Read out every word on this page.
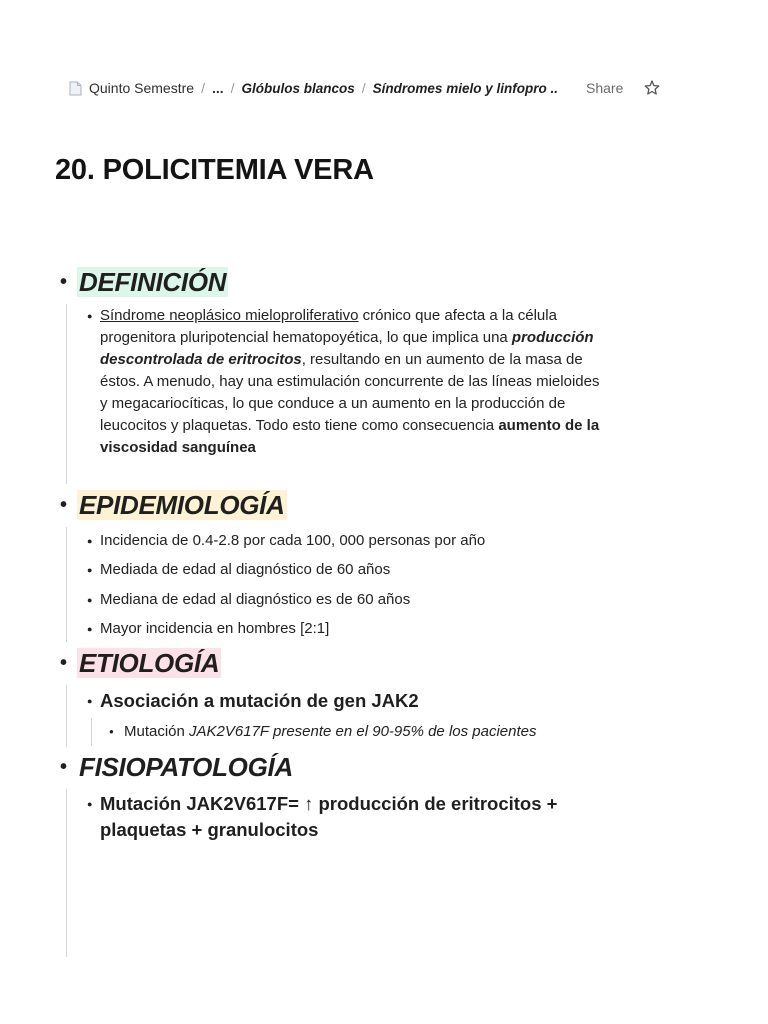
Quinto Semestre / ... / Glóbulos blancos / Síndromes mielo y linfopro .. Share
20. POLICITEMIA VERA
• DEFINICIÓN
● Síndrome neoplásico mieloproliferativo crónico que afecta a la célula progenitora pluripotencial hematopoyética, lo que implica una producción descontrolada de eritrocitos, resultando en un aumento de la masa de éstos. A menudo, hay una estimulación concurrente de las líneas mieloides y megacariocíticas, lo que conduce a un aumento en la producción de leucocitos y plaquetas. Todo esto tiene como consecuencia aumento de la viscosidad sanguínea
• EPIDEMIOLOGÍA
● Incidencia de 0.4-2.8 por cada 100, 000 personas por año
● Mediada de edad al diagnóstico de 60 años
● Mediana de edad al diagnóstico es de 60 años
● Mayor incidencia en hombres [2:1]
• ETIOLOGÍA
● Asociación a mutación de gen JAK2
● Mutación JAK2V617F presente en el 90-95% de los pacientes
• FISIOPATOLOGÍA
● Mutación JAK2V617F= ↑ producción de eritrocitos + plaquetas + granulocitos
